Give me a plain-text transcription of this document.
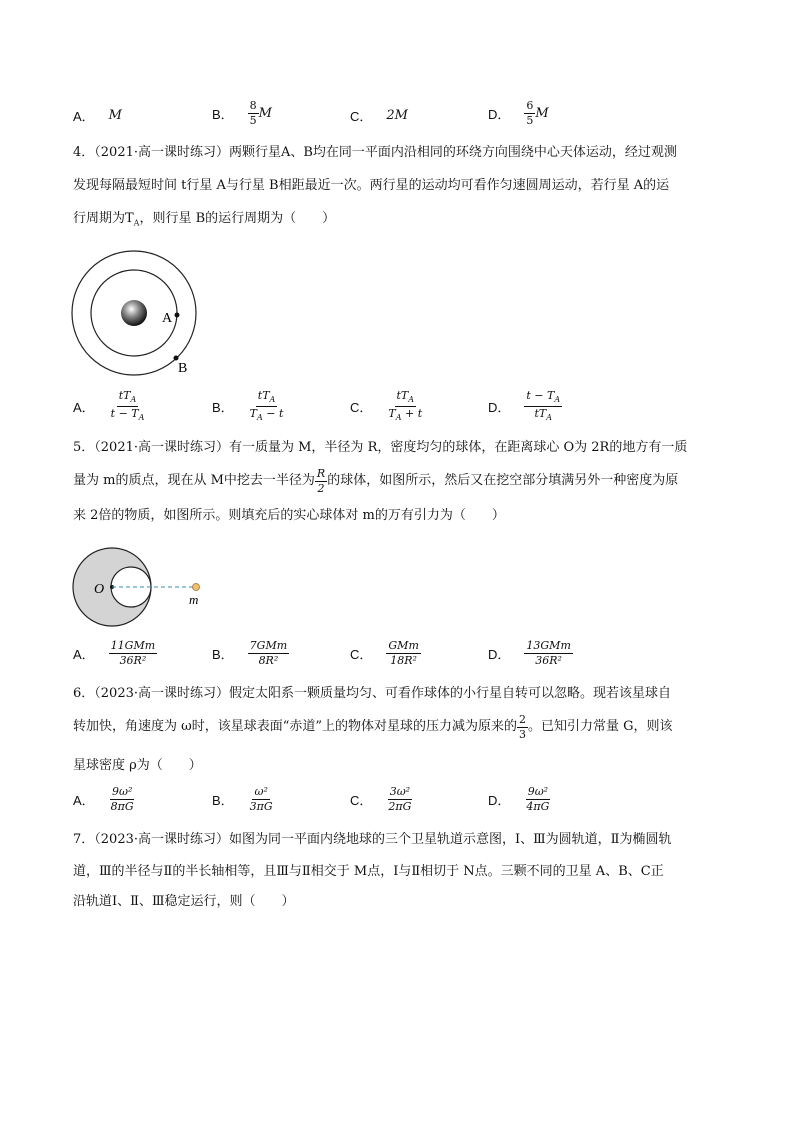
A． M	B． $\frac{8}{5}$ M	C． 2M	D． $\frac{6}{5}$ M
4．（2021·高一课时练习）两颗行星A、B均在同一平面内沿相同的环绕方向围绕中心天体运动，经过观测
发现每隔最短时间 t行星 A与行星 B相距最近一次。两行星的运动均可看作匀速圆周运动，若行星 A的运
行周期为$T_A$，则行星 B的运行周期为（　　）
A
B
A． $\frac{tT_A}{t - T_A}$	B． $\frac{tT_A}{T_A - t}$	C． $\frac{tT_A}{T_A + t}$	D． $\frac{t - T_A}{tT_A}$
5．（2021·高一课时练习）有一质量为 M，半径为 R，密度均匀的球体，在距离球心 O为 2R的地方有一质
量为 m的质点，现在从 M中挖去一半径为 $\frac{R}{2}$ 的球体，如图所示，然后又在挖空部分填满另外一种密度为原
来 2倍的物质，如图所示。则填充后的实心球体对 m的万有引力为（　　）
O
m
A． $\frac{\text{11GMm}}{\text{36R²}}$	B． $\frac{\text{7GMm}}{\text{8R²}}$	C． $\frac{\text{GMm}}{\text{18R²}}$	D． $\frac{\text{13GMm}}{\text{36R²}}$
6．（2023·高一课时练习）假定太阳系一颗质量均匀、可看作球体的小行星自转可以忽略。现若该星球自
转加快，角速度为 ω时，该星球表面“赤道”上的物体对星球的压力减为原来的 $\frac{2}{3}$ 。已知引力常量 G，则该
星球密度 ρ为（　　）
A． $\frac{\text{9ω²}}{8\pi G}$	B． $\frac{\text{ω²}}{3\pi G}$	C． $\frac{\text{3ω²}}{2\pi G}$	D． $\frac{\text{9ω²}}{4\pi G}$
7．（2023·高一课时练习）如图为同一平面内绕地球的三个卫星轨道示意图，Ⅰ、Ⅲ为圆轨道，Ⅱ为椭圆轨
道，Ⅲ的半径与Ⅱ的半长轴相等，且Ⅲ与Ⅱ相交于 M点，Ⅰ与Ⅱ相切于 N点。三颗不同的卫星 A、B、C正
沿轨道Ⅰ、Ⅱ、Ⅲ稳定运行，则（　　）
